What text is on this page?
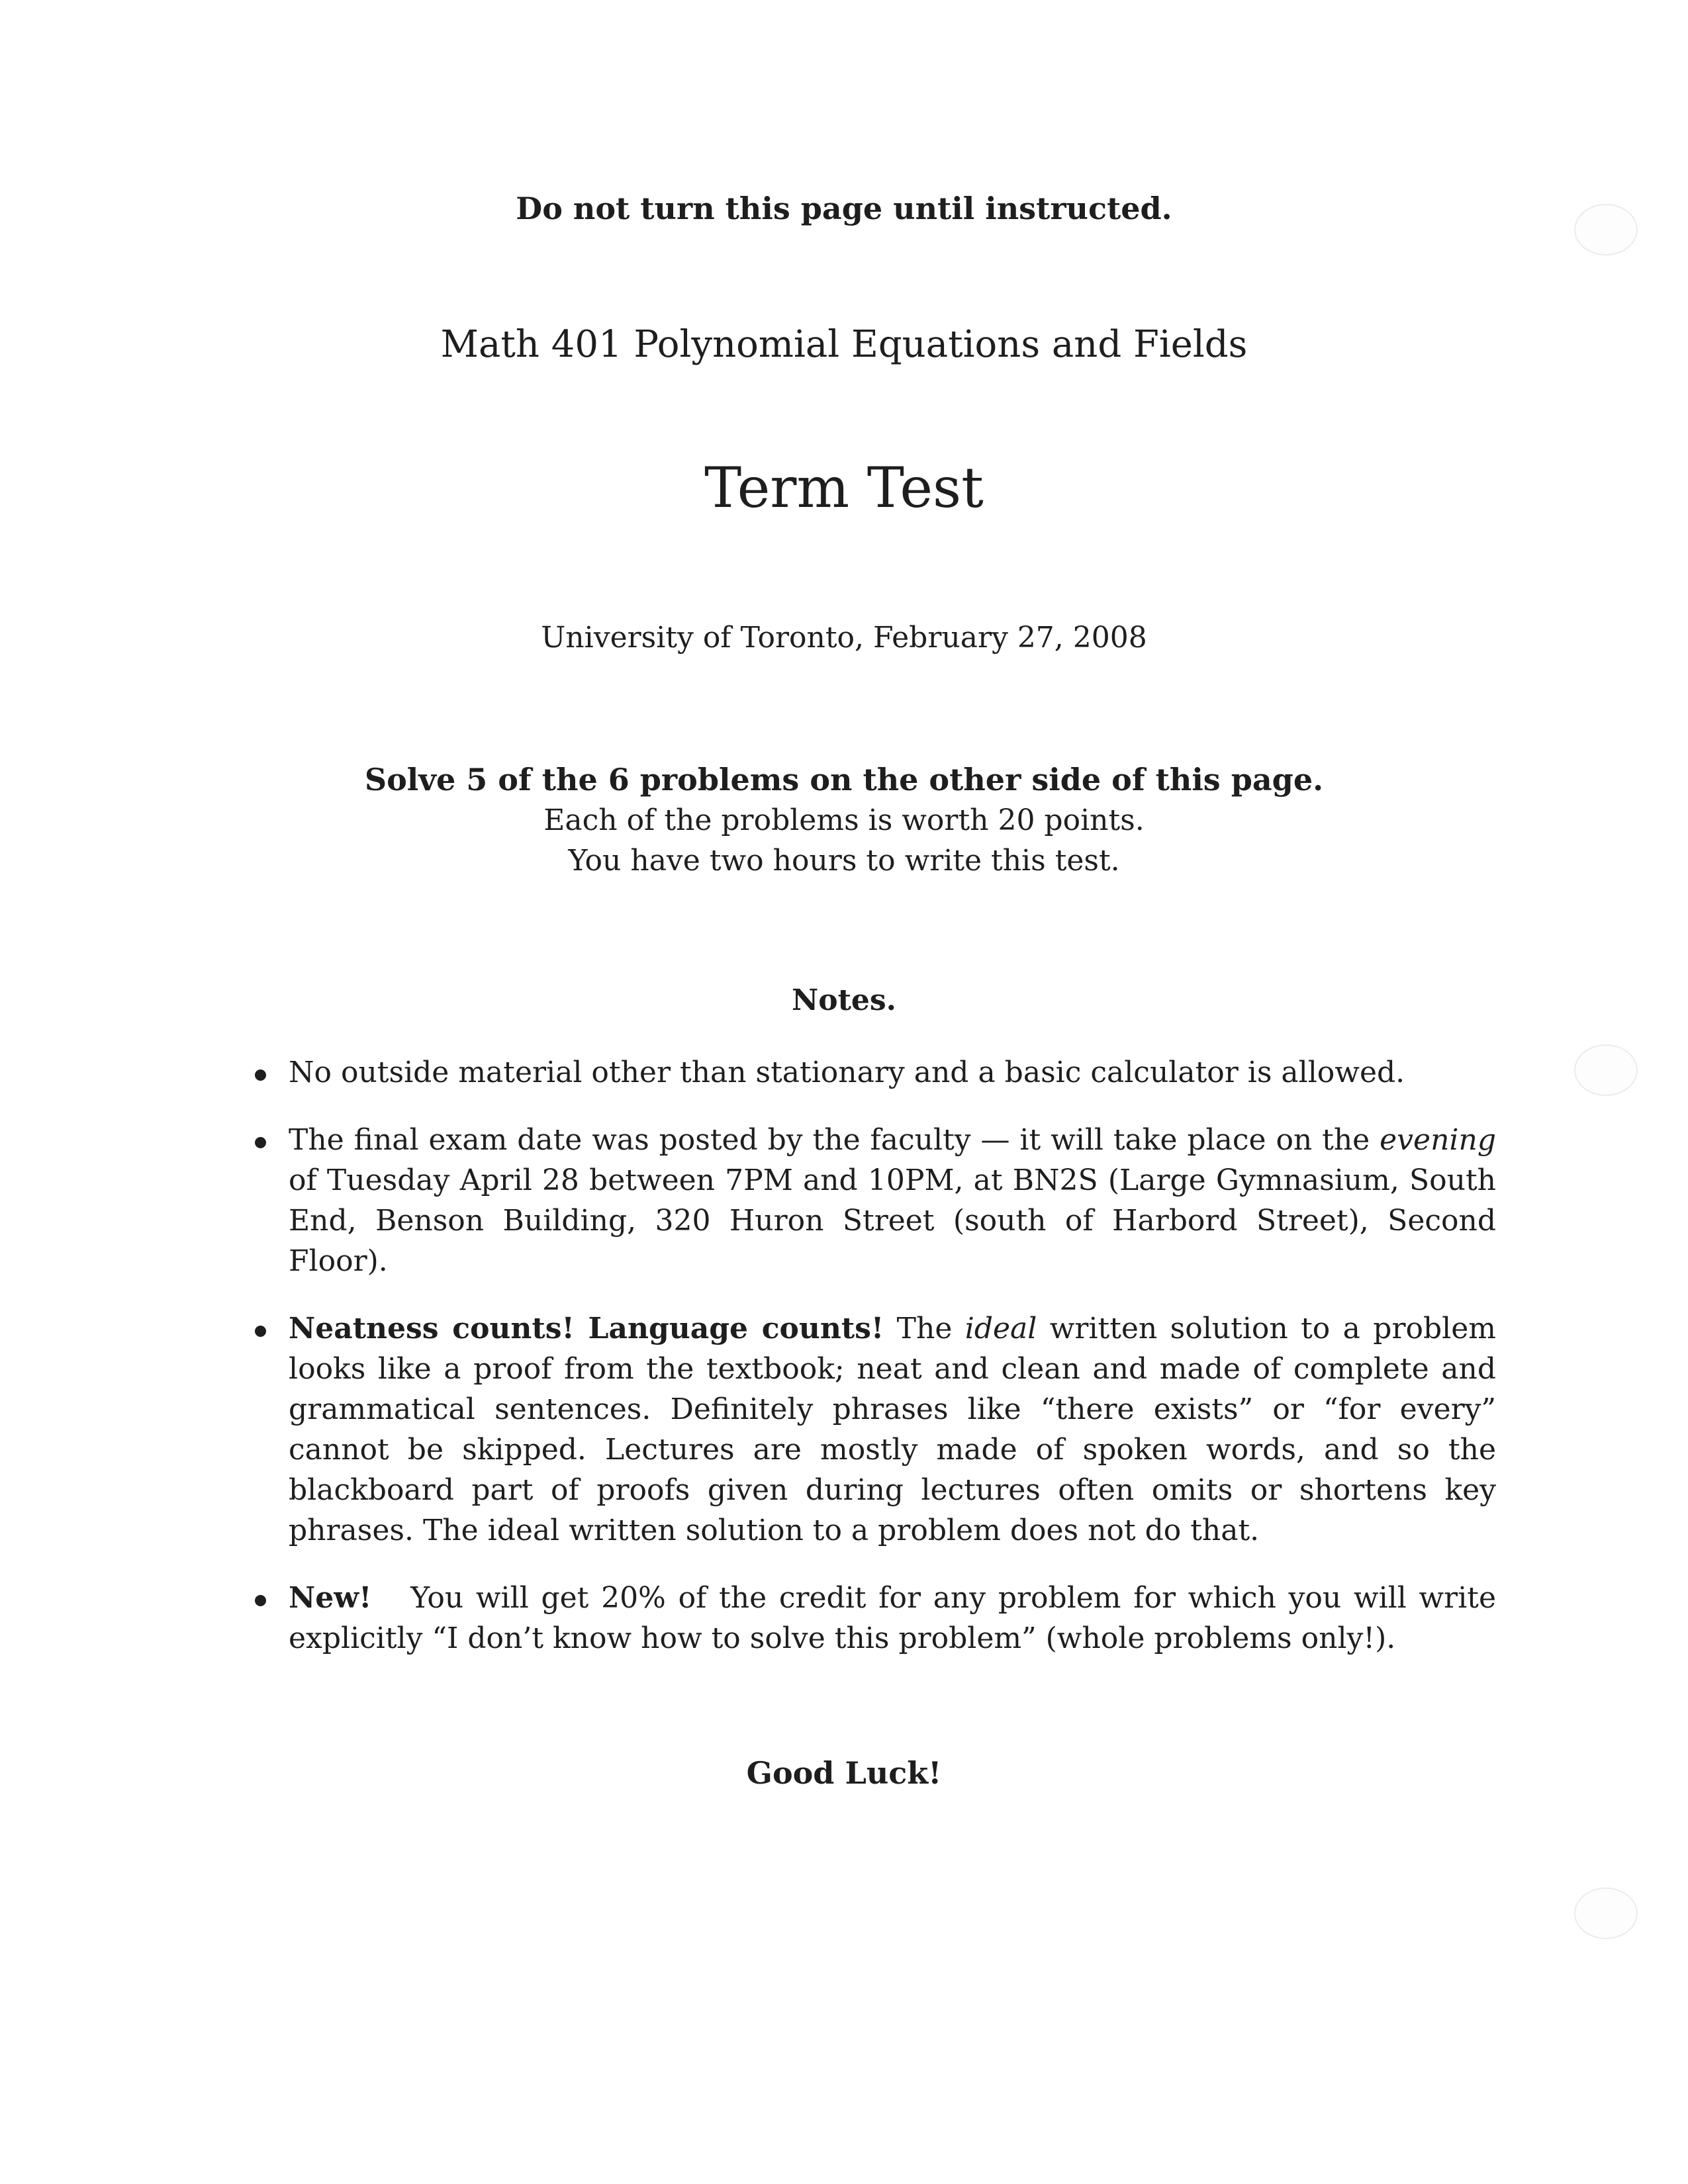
Do not turn this page until instructed.
Math 401 Polynomial Equations and Fields
Term Test
University of Toronto, February 27, 2008
Solve 5 of the 6 problems on the other side of this page.
Each of the problems is worth 20 points.
You have two hours to write this test.
Notes.
No outside material other than stationary and a basic calculator is allowed.
The final exam date was posted by the faculty — it will take place on the evening of Tuesday April 28 between 7PM and 10PM, at BN2S (Large Gymnasium, South End, Benson Building, 320 Huron Street (south of Harbord Street), Second Floor).
Neatness counts! Language counts! The ideal written solution to a problem looks like a proof from the textbook; neat and clean and made of complete and grammatical sentences. Definitely phrases like “there exists” or “for every” cannot be skipped. Lectures are mostly made of spoken words, and so the blackboard part of proofs given during lectures often omits or shortens key phrases. The ideal written solution to a problem does not do that.
New! You will get 20% of the credit for any problem for which you will write explicitly “I don’t know how to solve this problem” (whole problems only!).
Good Luck!
